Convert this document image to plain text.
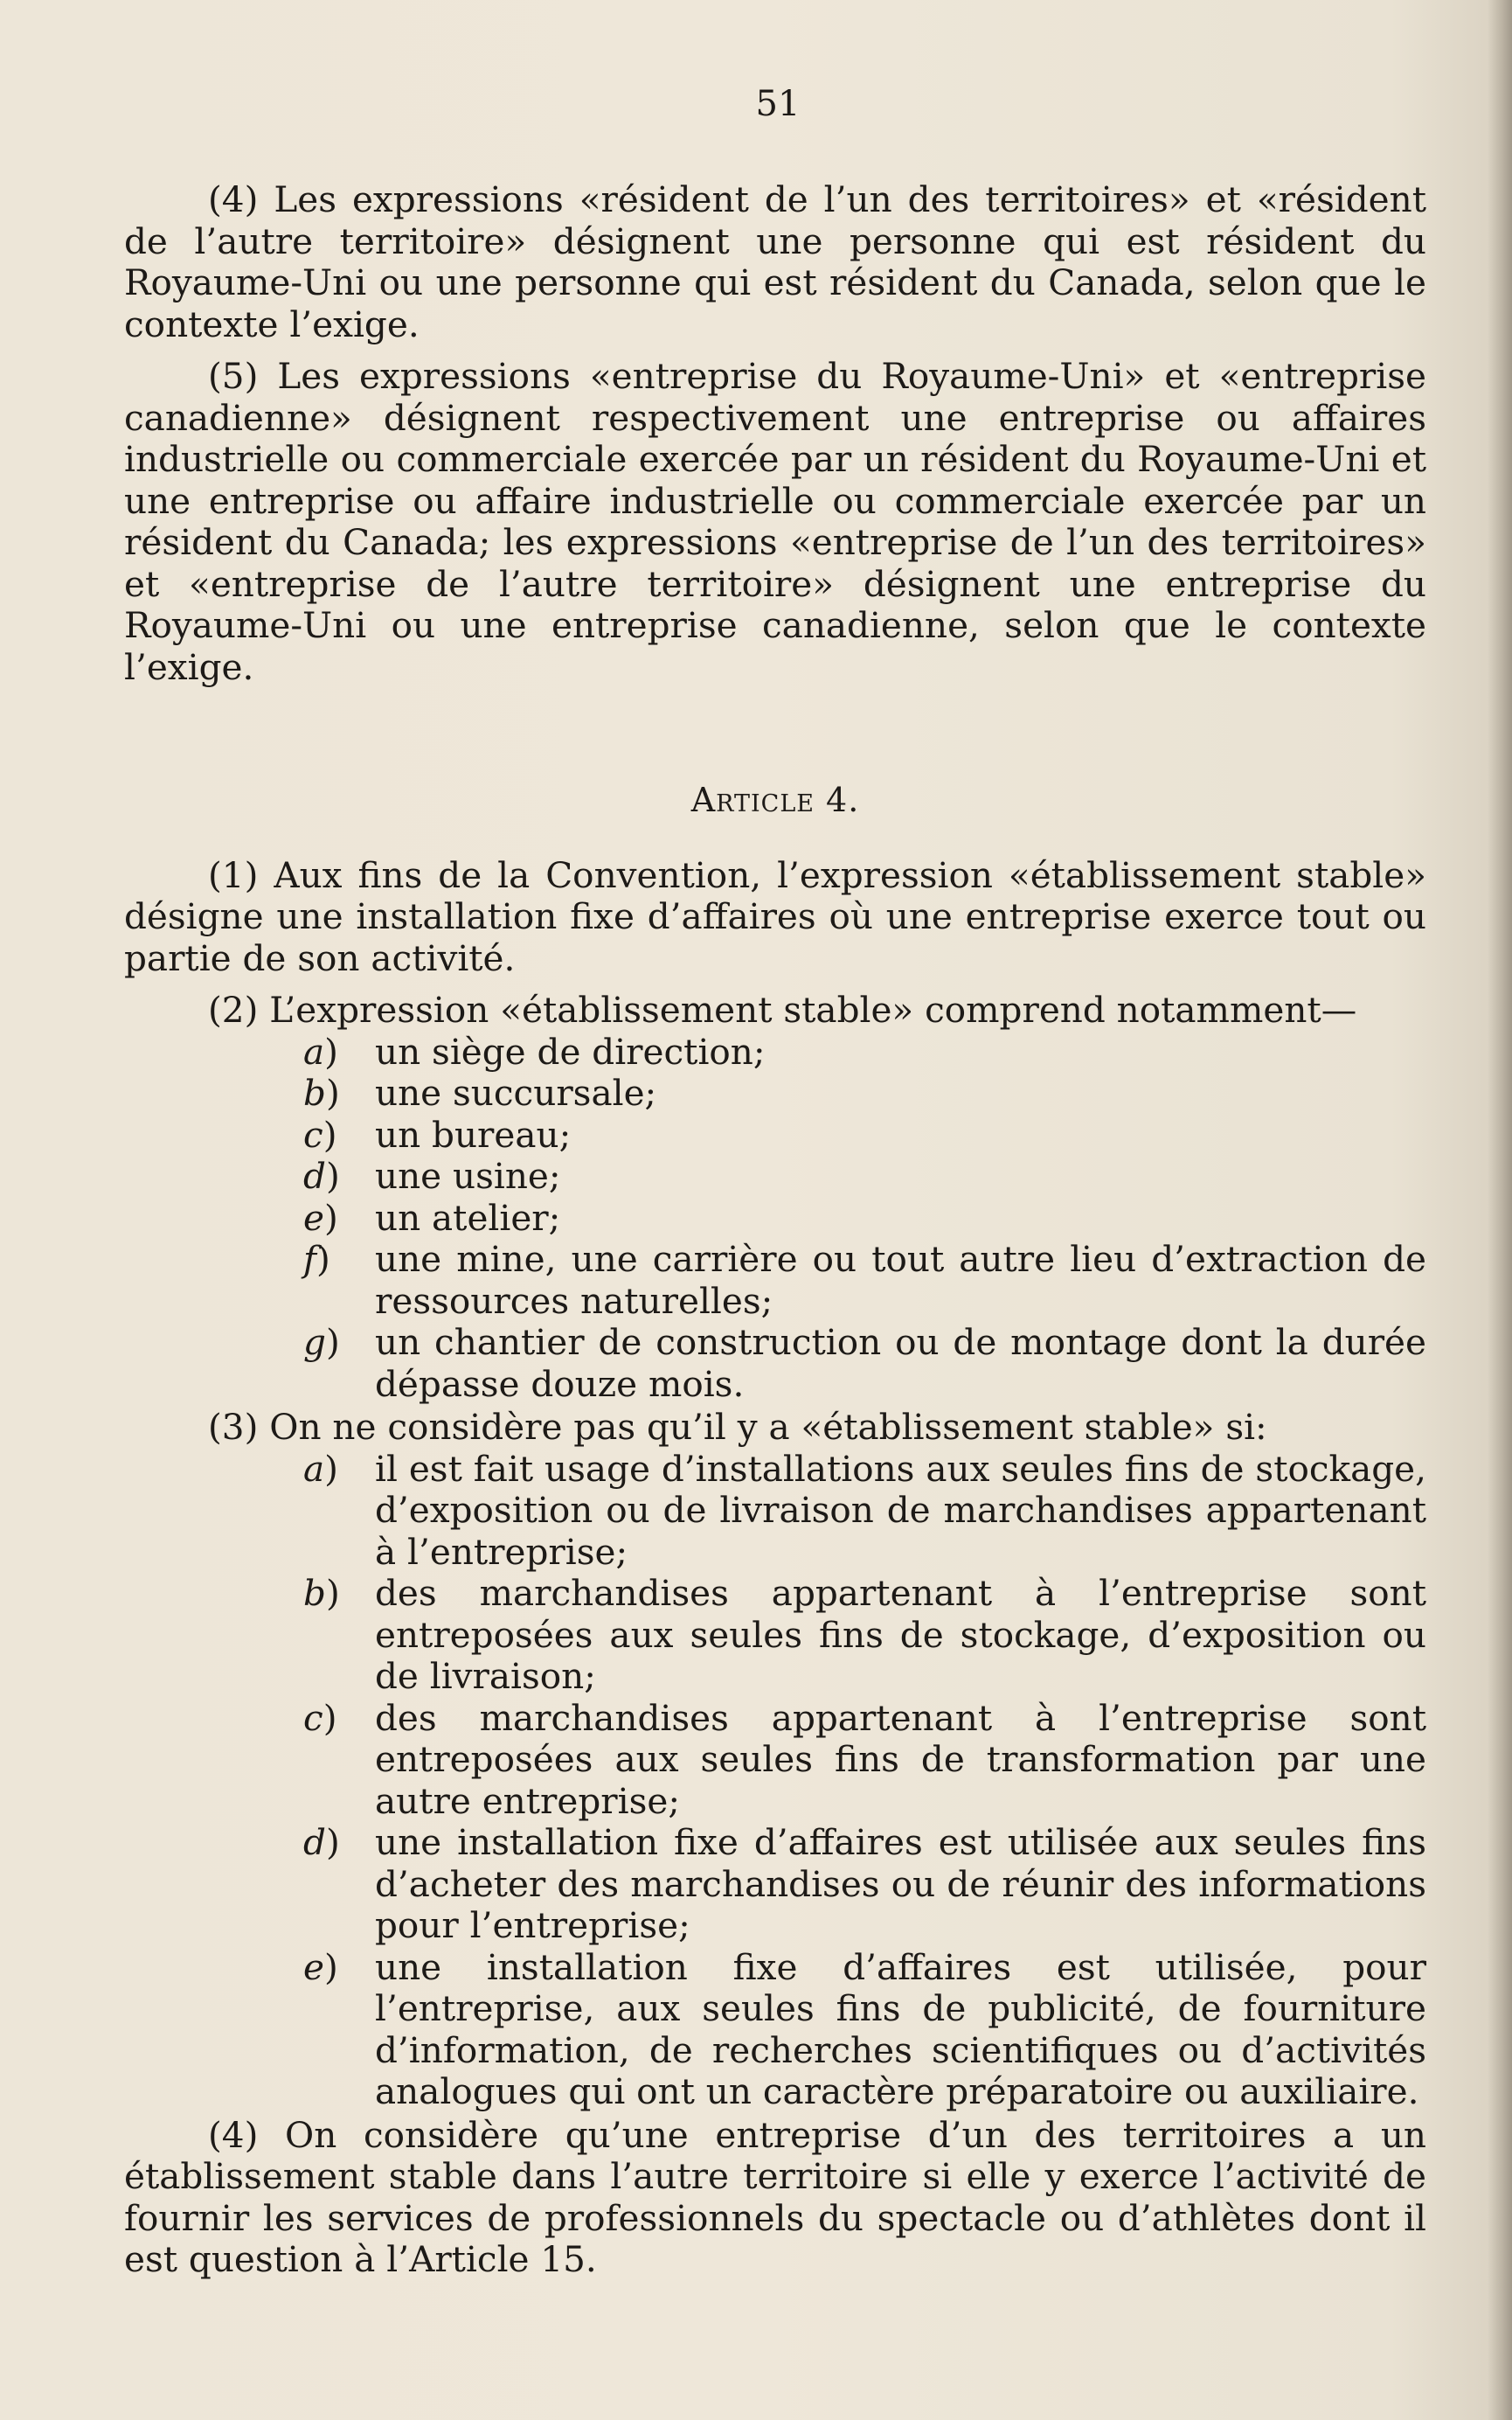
51

(4) Les expressions «résident de l’un des territoires» et «résident de l’autre territoire» désignent une personne qui est résident du Royaume-Uni ou une personne qui est résident du Canada, selon que le contexte l’exige.

(5) Les expressions «entreprise du Royaume-Uni» et «entreprise canadienne» désignent respectivement une entreprise ou affaires industrielle ou commerciale exercée par un résident du Royaume-Uni et une entreprise ou affaire industrielle ou commerciale exercée par un résident du Canada; les expressions «entreprise de l’un des territoires» et «entreprise de l’autre territoire» désignent une entreprise du Royaume-Uni ou une entreprise canadienne, selon que le contexte l’exige.

Article 4.

(1) Aux fins de la Convention, l’expression «établissement stable» désigne une installation fixe d’affaires où une entreprise exerce tout ou partie de son activité.

(2) L’expression «établissement stable» comprend notamment—

a) un siège de direction;
b) une succursale;
c) un bureau;
d) une usine;
e) un atelier;
f) une mine, une carrière ou tout autre lieu d’extraction de ressources naturelles;
g) un chantier de construction ou de montage dont la durée dépasse douze mois.

(3) On ne considère pas qu’il y a «établissement stable» si:

a) il est fait usage d’installations aux seules fins de stockage, d’exposition ou de livraison de marchandises appartenant à l’entreprise;
b) des marchandises appartenant à l’entreprise sont entreposées aux seules fins de stockage, d’exposition ou de livraison;
c) des marchandises appartenant à l’entreprise sont entreposées aux seules fins de transformation par une autre entreprise;
d) une installation fixe d’affaires est utilisée aux seules fins d’acheter des marchandises ou de réunir des informations pour l’entreprise;
e) une installation fixe d’affaires est utilisée, pour l’entreprise, aux seules fins de publicité, de fourniture d’information, de recherches scientifiques ou d’activités analogues qui ont un caractère préparatoire ou auxiliaire.

(4) On considère qu’une entreprise d’un des territoires a un établissement stable dans l’autre territoire si elle y exerce l’activité de fournir les services de professionnels du spectacle ou d’athlètes dont il est question à l’Article 15.
